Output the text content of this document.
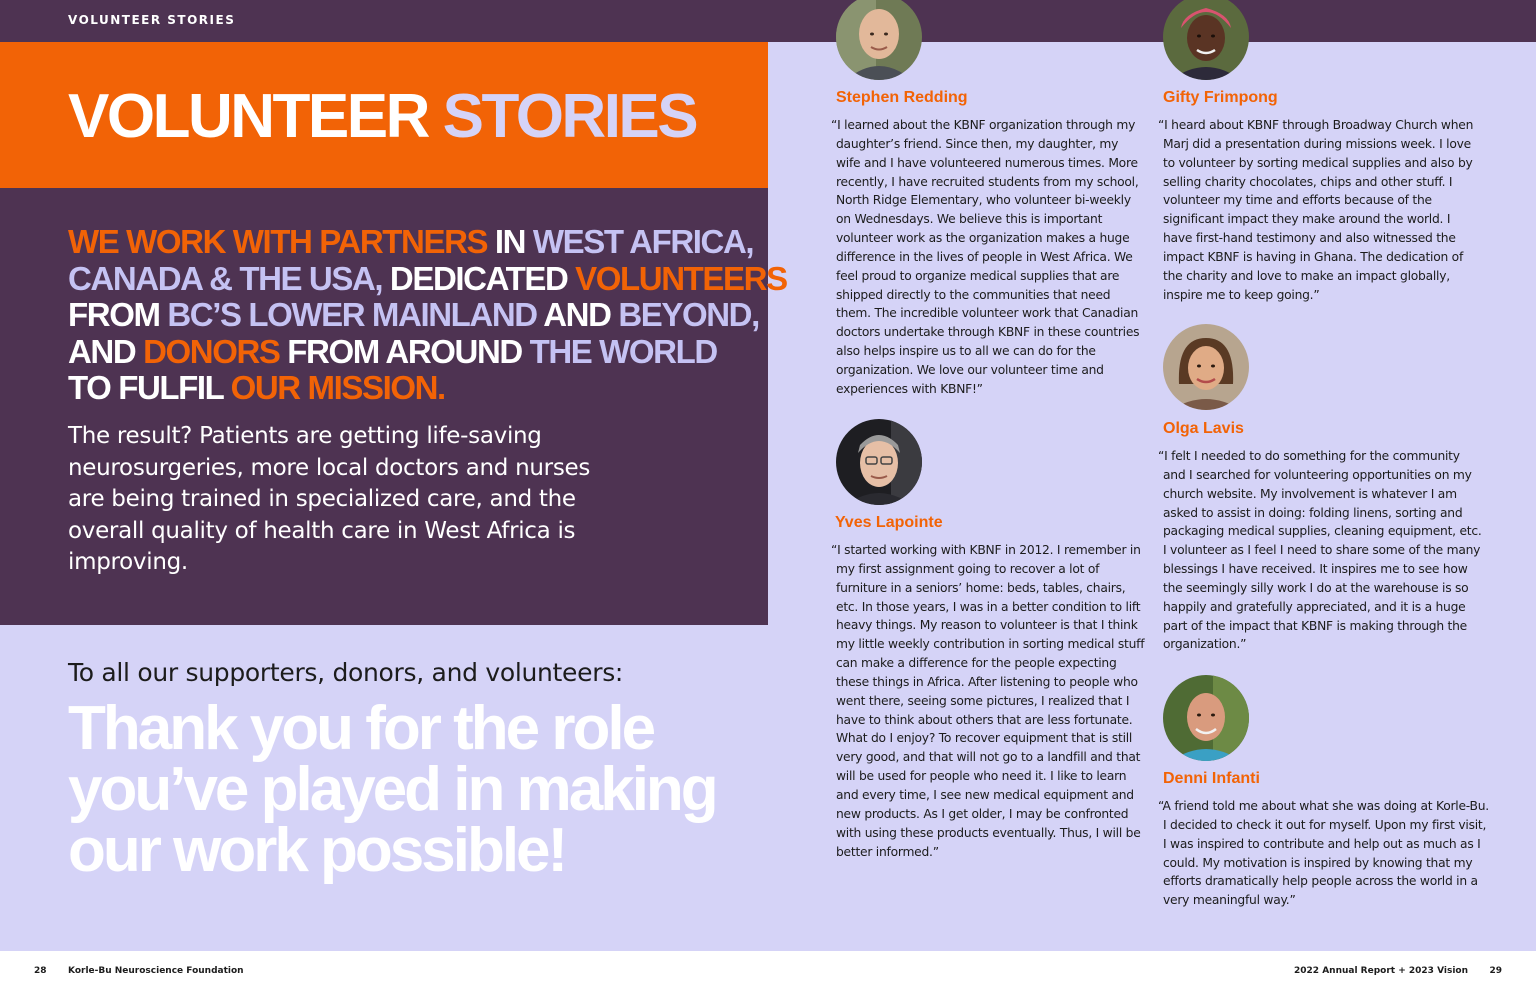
VOLUNTEER STORIES
VOLUNTEER STORIES
WE WORK WITH PARTNERS IN WEST AFRICA,
CANADA & THE USA, DEDICATED VOLUNTEERS
FROM BC’S LOWER MAINLAND AND BEYOND,
AND DONORS FROM AROUND THE WORLD
TO FULFIL OUR MISSION.

The result? Patients are getting life-saving neurosurgeries, more local doctors and nurses are being trained in specialized care, and the overall quality of health care in West Africa is improving.

To all our supporters, donors, and volunteers:

Thank you for the role you’ve played in making our work possible!

Stephen Redding

“I learned about the KBNF organization through my daughter’s friend. Since then, my daughter, my wife and I have volunteered numerous times. More recently, I have recruited students from my school, North Ridge Elementary, who volunteer bi-weekly on Wednesdays. We believe this is important volunteer work as the organization makes a huge difference in the lives of people in West Africa. We feel proud to organize medical supplies that are shipped directly to the communities that need them. The incredible volunteer work that Canadian doctors undertake through KBNF in these countries also helps inspire us to all we can do for the organization. We love our volunteer time and experiences with KBNF!”

Yves Lapointe

“I started working with KBNF in 2012. I remember in my first assignment going to recover a lot of furniture in a seniors’ home: beds, tables, chairs, etc. In those years, I was in a better condition to lift heavy things. My reason to volunteer is that I think my little weekly contribution in sorting medical stuff can make a difference for the people expecting these things in Africa. After listening to people who went there, seeing some pictures, I realized that I have to think about others that are less fortunate. What do I enjoy? To recover equipment that is still very good, and that will not go to a landfill and that will be used for people who need it. I like to learn and every time, I see new medical equipment and new products. As I get older, I may be confronted with using these products eventually. Thus, I will be better informed.”

Gifty Frimpong

“I heard about KBNF through Broadway Church when Marj did a presentation during missions week. I love to volunteer by sorting medical supplies and also by selling charity chocolates, chips and other stuff. I volunteer my time and efforts because of the significant impact they make around the world. I have first-hand testimony and also witnessed the impact KBNF is having in Ghana. The dedication of the charity and love to make an impact globally, inspire me to keep going.”

Olga Lavis

“I felt I needed to do something for the community and I searched for volunteering opportunities on my church website. My involvement is whatever I am asked to assist in doing: folding linens, sorting and packaging medical supplies, cleaning equipment, etc. I volunteer as I feel I need to share some of the many blessings I have received. It inspires me to see how the seemingly silly work I do at the warehouse is so happily and gratefully appreciated, and it is a huge part of the impact that KBNF is making through the organization.”

Denni Infanti

“A friend told me about what she was doing at Korle-Bu. I decided to check it out for myself. Upon my first visit, I was inspired to contribute and help out as much as I could. My motivation is inspired by knowing that my efforts dramatically help people across the world in a very meaningful way.”

28 Korle-Bu Neuroscience Foundation	2022 Annual Report + 2023 Vision 29
